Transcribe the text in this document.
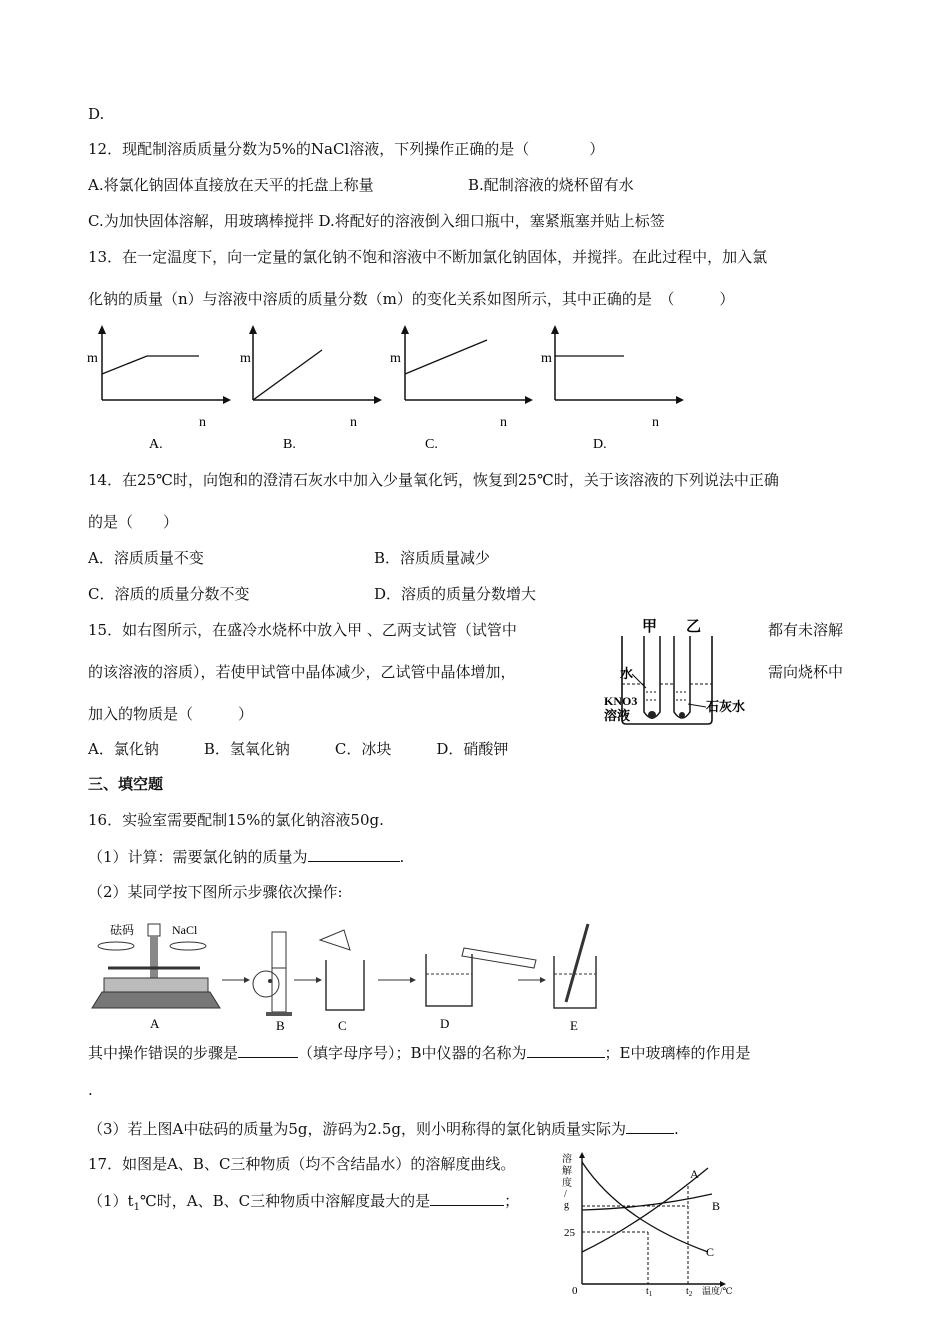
D.
12．现配制溶质质量分数为5%的NaCl溶液，下列操作正确的是（　　　　）
A.将氯化钠固体直接放在天平的托盘上称量	B.配制溶液的烧杯留有水
C.为加快固体溶解，用玻璃棒搅拌 D.将配好的溶液倒入细口瓶中，塞紧瓶塞并贴上标签
13．在一定温度下，向一定量的氯化钠不饱和溶液中不断加氯化钠固体，并搅拌。在此过程中，加入氯
化钠的质量（n）与溶液中溶质的质量分数（m）的变化关系如图所示，其中正确的是　（　　　）
m
n
A.
m
n
B.
m
n
C.
m
n
D.
14．在25℃时，向饱和的澄清石灰水中加入少量氧化钙，恢复到25℃时，关于该溶液的下列说法中正确
的是（　　）
A．溶质质量不变	B．溶质质量减少
C．溶质的质量分数不变	D．溶质的质量分数增大
15．如右图所示，在盛冷水烧杯中放入甲 、乙两支试管（试管中	都有未溶解
的该溶液的溶质），若使甲试管中晶体减少，乙试管中晶体增加，	需向烧杯中
加入的物质是（　　　）
A．氯化钠　　　B．氢氧化钠　　　C．冰块　　　D．硝酸钾
甲 乙
水
KNO3
溶液
石灰水
三、填空题
16．实验室需要配制15%的氯化钠溶液50g.
（1）计算：需要氯化钠的质量为	.
（2）某同学按下图所示步骤依次操作:
砝码	NaCl
A	B	C	D	E
其中操作错误的步骤是	（填字母序号）；B中仪器的名称为	；E中玻璃棒的作用是
.
（3）若上图A中砝码的质量为5g，游码为2.5g，则小明称得的氯化钠质量实际为	.
17．如图是A、B、C三种物质（均不含结晶水）的溶解度曲线。
$(1)t_1℃$时，A、B、C三种物质中溶解度最大的是	；
溶
解
度
/
g
25
A
B
C
0	$t_1$	$t_2$ 温度/℃
